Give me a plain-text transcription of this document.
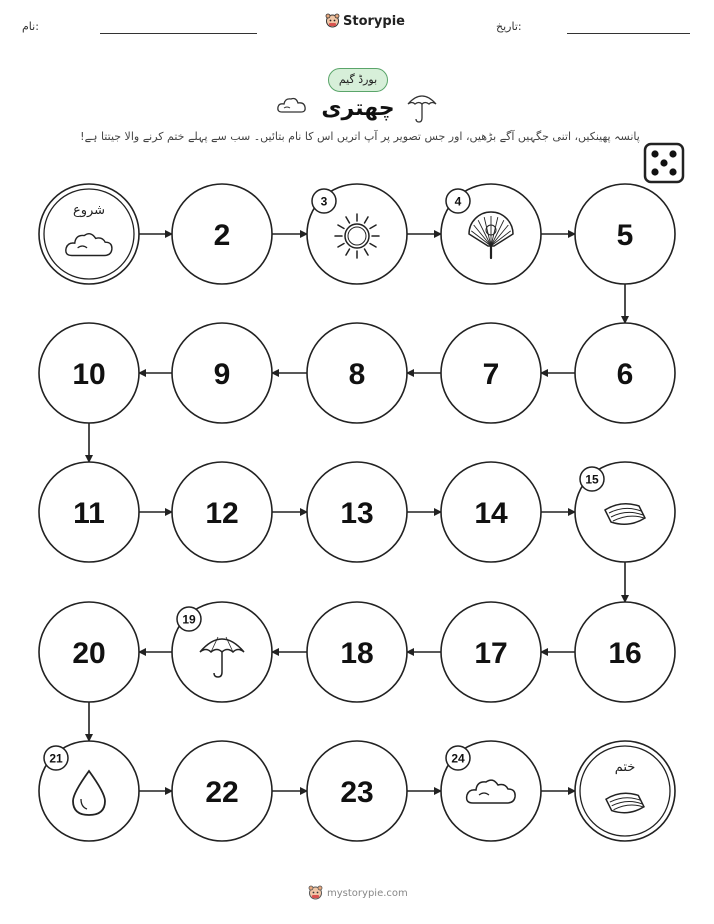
نام:	Storypie	تاریخ:
بورڈ گیم
چھتری
پانسہ پھینکیں، اتنی جگہیں آگے بڑھیں، اور جس تصویر پر آپ اتریں اس کا نام بتائیں۔ سب سے پہلے ختم کرنے والا جیتتا ہے!
شروع
2
3	4
5
6
7
8
9
10
11	12	13	14
15
16
17
18
19
20
21
22	23
24
ختم
mystorypie.com
